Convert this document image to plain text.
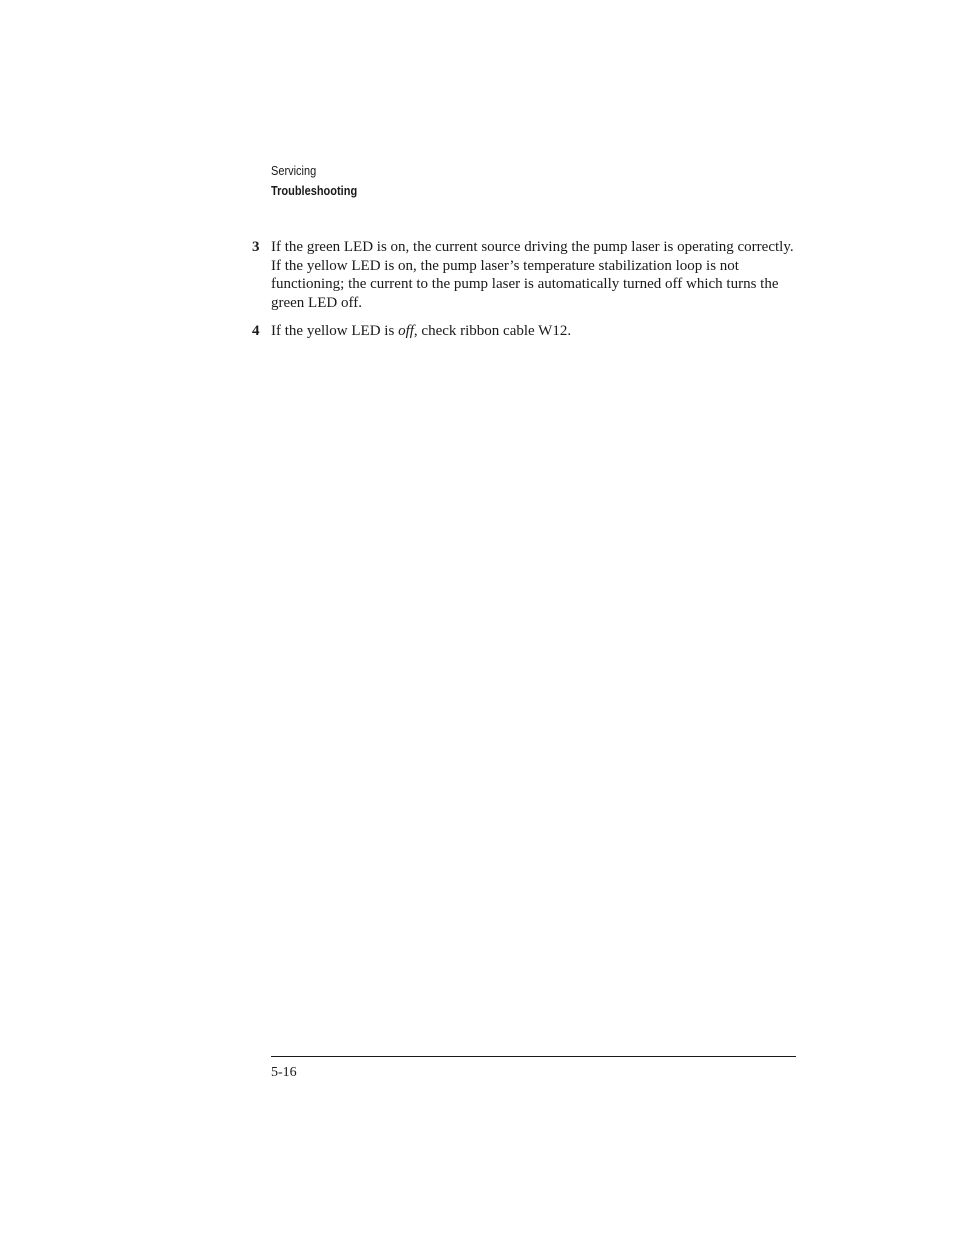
Servicing
Troubleshooting
3 If the green LED is on, the current source driving the pump laser is operating correctly. If the yellow LED is on, the pump laser’s temperature stabilization loop is not functioning; the current to the pump laser is automatically turned off which turns the green LED off.
4 If the yellow LED is off, check ribbon cable W12.
5-16
